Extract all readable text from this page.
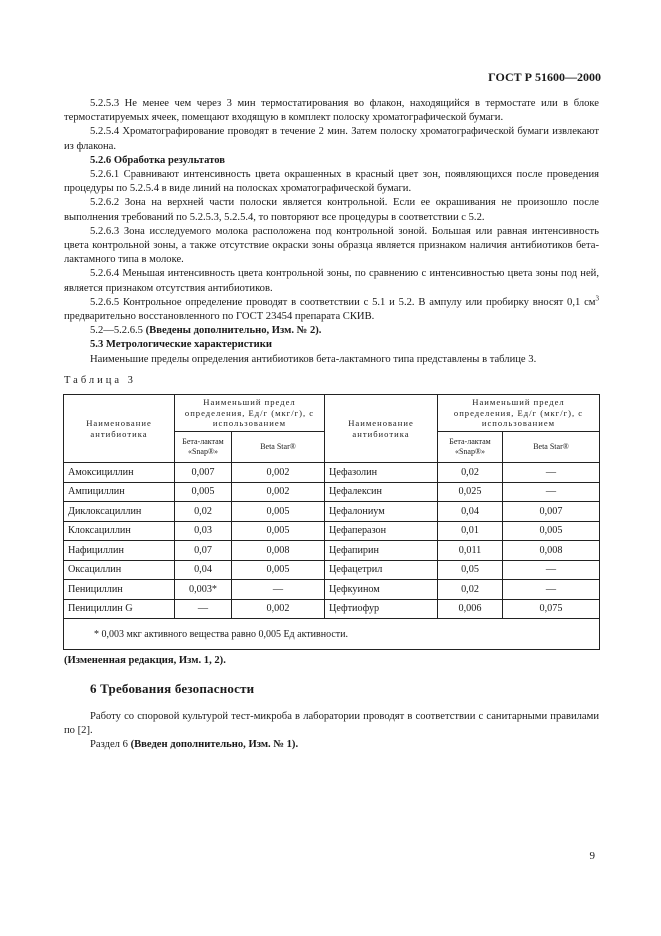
ГОСТ Р 51600—2000

5.2.5.3 Не менее чем через 3 мин термостатирования во флакон, находящийся в термостате или в блоке термостатируемых ячеек, помещают входящую в комплект полоску хроматографической бумаги.

5.2.5.4 Хроматографирование проводят в течение 2 мин. Затем полоску хроматографической бумаги извлекают из флакона.

5.2.6 Обработка результатов

5.2.6.1 Сравнивают интенсивность цвета окрашенных в красный цвет зон, появляющихся после проведения процедуры по 5.2.5.4 в виде линий на полосках хроматографической бумаги.

5.2.6.2 Зона на верхней части полоски является контрольной. Если ее окрашивания не произошло после выполнения требований по 5.2.5.3, 5.2.5.4, то повторяют все процедуры в соответствии с 5.2.

5.2.6.3 Зона исследуемого молока расположена под контрольной зоной. Большая или равная интенсивность цвета контрольной зоны, а также отсутствие окраски зоны образца является признаком наличия антибиотиков бета-лактамного типа в молоке.

5.2.6.4 Меньшая интенсивность цвета контрольной зоны, по сравнению с интенсивностью цвета зоны под ней, является признаком отсутствия антибиотиков.

5.2.6.5 Контрольное определение проводят в соответствии с 5.1 и 5.2. В ампулу или пробирку вносят 0,1 $см^3$ предварительно восстановленного по ГОСТ 23454 препарата СКИВ.

5.2—5.2.6.5 (Введены дополнительно, Изм. № 2).

5.3 Метрологические характеристики

Наименьшие пределы определения антибиотиков бета-лактамного типа представлены в таблице 3.

Таблица 3
Наименование антибиотика	Наименьший предел определения, Ед/г (мкг/г), с использованием		Наименование антибиотика	Наименьший предел определения, Ед/г (мкг/г), с использованием	
	Бета-лактам «Snap®»	Beta Star®		Бета-лактам «Snap®»	Beta Star®
Амоксициллин	0,007	0,002	Цефазолин	0,02	—
Ампициллин	0,005	0,002	Цефалексин	0,025	—
Диклоксациллин	0,02	0,005	Цефалониум	0,04	0,007
Клоксациллин	0,03	0,005	Цефаперазон	0,01	0,005
Нафициллин	0,07	0,008	Цефапирин	0,011	0,008
Оксациллин	0,04	0,005	Цефацетрил	0,05	—
Пенициллин	0,003*	—	Цефкуином	0,02	—
Пенициллин G	—	0,002	Цефтиофур	0,006	0,075
* 0,003 мкг активного вещества равно 0,005 Ед активности.					

(Измененная редакция, Изм. 1, 2).

6 Требования безопасности

Работу со споровой культурой тест-микроба в лаборатории проводят в соответствии с санитарными правилами по [2].

Раздел 6 (Введен дополнительно, Изм. № 1).

9
